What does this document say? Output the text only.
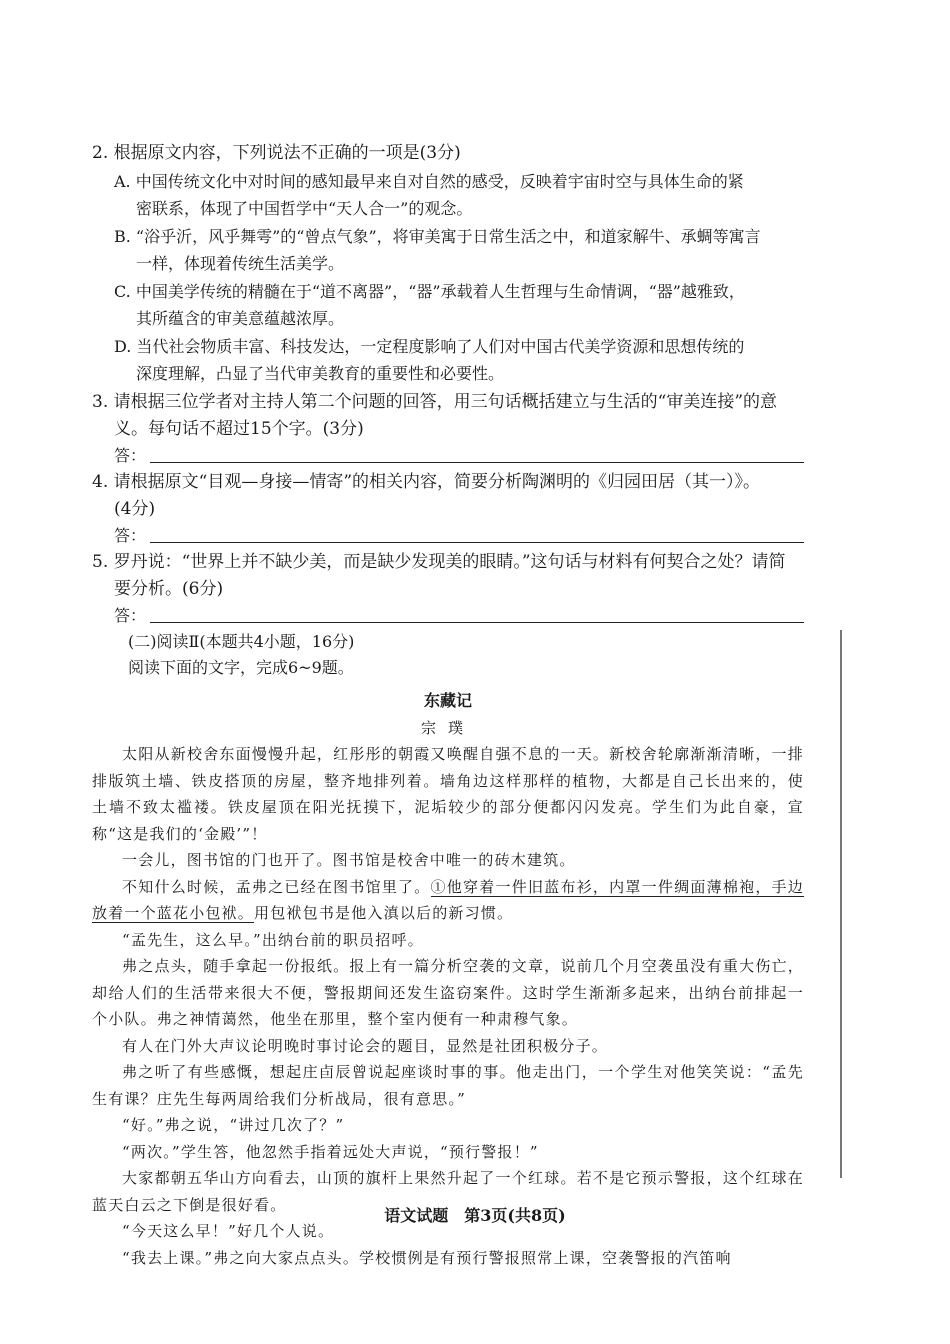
2. 根据原文内容，下列说法不正确的一项是(3分)

A. 中国传统文化中对时间的感知最早来自对自然的感受，反映着宇宙时空与具体生命的紧
密联系，体现了中国哲学中“天人合一”的观念。
B. “浴乎沂，风乎舞雩”的“曾点气象”，将审美寓于日常生活之中，和道家解牛、承蜩等寓言
一样，体现着传统生活美学。
C. 中国美学传统的精髓在于“道不离器”，“器”承载着人生哲理与生命情调，“器”越雅致，
其所蕴含的审美意蕴越浓厚。
D. 当代社会物质丰富、科技发达，一定程度影响了人们对中国古代美学资源和思想传统的
深度理解，凸显了当代审美教育的重要性和必要性。

3. 请根据三位学者对主持人第二个问题的回答，用三句话概括建立与生活的“审美连接”的意

义。每句话不超过15个字。(3分)

答：

4. 请根据原文“目观—身接—情寄”的相关内容，简要分析陶渊明的《归园田居（其一）》。

(4分)

答：

5. 罗丹说：“世界上并不缺少美，而是缺少发现美的眼睛。”这句话与材料有何契合之处？请简

要分析。(6分)

答：
(二)阅读Ⅱ(本题共4小题，16分)
阅读下面的文字，完成6~9题。
东藏记
宗璞

太阳从新校舍东面慢慢升起，红彤彤的朝霞又唤醒自强不息的一天。新校舍轮廓渐渐清晰，一排排版筑土墙、铁皮搭顶的房屋，整齐地排列着。墙角边这样那样的植物，大都是自己长出来的，使土墙不致太褴褛。铁皮屋顶在阳光抚摸下，泥垢较少的部分便都闪闪发亮。学生们为此自豪，宣称“这是我们的‘金殿’”！

一会儿，图书馆的门也开了。图书馆是校舍中唯一的砖木建筑。

不知什么时候，孟弗之已经在图书馆里了。①他穿着一件旧蓝布衫，内罩一件绸面薄棉袍，手边放着一个蓝花小包袱。用包袱包书是他入滇以后的新习惯。

“孟先生，这么早。”出纳台前的职员招呼。

弗之点头，随手拿起一份报纸。报上有一篇分析空袭的文章，说前几个月空袭虽没有重大伤亡，却给人们的生活带来很大不便，警报期间还发生盗窃案件。这时学生渐渐多起来，出纳台前排起一个小队。弗之神情蔼然，他坐在那里，整个室内便有一种肃穆气象。

有人在门外大声议论明晚时事讨论会的题目，显然是社团积极分子。

弗之听了有些感慨，想起庄卣辰曾说起座谈时事的事。他走出门，一个学生对他笑笑说：“孟先生有课？庄先生每两周给我们分析战局，很有意思。”

“好。”弗之说，“讲过几次了？”

“两次。”学生答，他忽然手指着远处大声说，“预行警报！”

大家都朝五华山方向看去，山顶的旗杆上果然升起了一个红球。若不是它预示警报，这个红球在蓝天白云之下倒是很好看。

“今天这么早！”好几个人说。

“我去上课。”弗之向大家点点头。学校惯例是有预行警报照常上课，空袭警报的汽笛响

语文试题　第3页(共8页)
